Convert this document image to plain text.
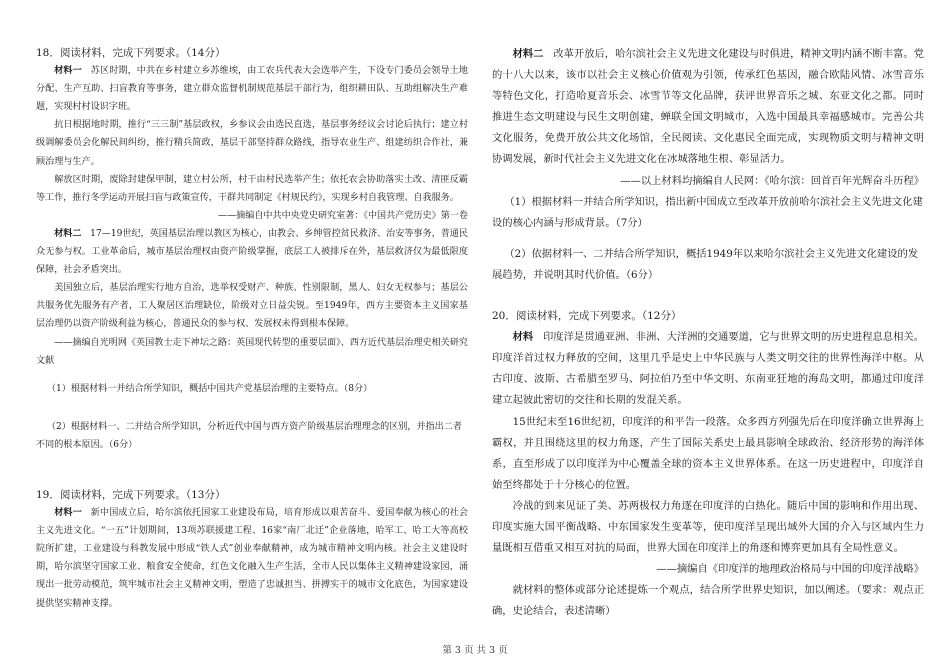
18．阅读材料，完成下列要求。（14分）

材料一 苏区时期，中共在乡村建立乡苏维埃，由工农兵代表大会选举产生，下设专门委员会领导土地分配、生产互助、扫盲教育等事务，建立群众监督机制规范基层干部行为，组织耕田队、互助组解决生产难题，实现村村设识字班。

抗日根据地时期，推行“三三制”基层政权，乡参议会由选民直选，基层事务经议会讨论后执行；建立村级调解委员会化解民间纠纷，推行精兵简政，基层干部坚持群众路线，指导农业生产、组建纺织合作社，兼顾治理与生产。

解放区时期，废除封建保甲制，建立村公所，村干由村民选举产生；依托农会协助落实土改、清匪反霸等工作，推行冬学运动开展扫盲与政策宣传，干群共同制定《村规民约》，实现乡村自我管理、自我服务。

——摘编自中共中央党史研究室著：《中国共产党历史》第一卷

材料二 17—19世纪，英国基层治理以教区为核心，由教会、乡绅管控贫民救济、治安等事务，普通民众无参与权。工业革命后，城市基层治理权由资产阶级掌握，底层工人被排斥在外，基层救济仅为最低限度保障，社会矛盾突出。

美国独立后，基层治理实行地方自治，选举权受财产、种族、性别限制，黑人、妇女无权参与；基层公共服务优先服务有产者，工人聚居区治理缺位，阶级对立日益尖锐。至1949年，西方主要资本主义国家基层治理仍以资产阶级利益为核心，普通民众的参与权、发展权未得到根本保障。

——摘编自光明网《英国教士走下神坛之路：英国现代转型的重要层面》、西方近代基层治理史相关研究文献

（1）根据材料一并结合所学知识，概括中国共产党基层治理的主要特点。（8分）

（2）根据材料一、二并结合所学知识，分析近代中国与西方资产阶级基层治理理念的区别，并指出二者不同的根本原因。（6分）

19．阅读材料，完成下列要求。（13分）

材料一 新中国成立后，哈尔滨依托国家工业建设布局，培育形成以艰苦奋斗、爱国奉献为核心的社会主义先进文化。“一五”计划期间，13项苏联援建工程、16家“南厂北迁”企业落地，哈军工、哈工大等高校院所扩建，工业建设与科教发展中形成“铁人式”创业奉献精神，成为城市精神文明内核。社会主义建设时期，哈尔滨坚守国家工业、粮食安全使命，红色文化融入生产生活，全市人民以集体主义精神建设家园，涌现出一批劳动模范，筑牢城市社会主义精神文明，塑造了忠诚担当、拼搏实干的城市文化底色，为国家建设提供坚实精神支撑。

材料二 改革开放后，哈尔滨社会主义先进文化建设与时俱进，精神文明内涵不断丰富。党的十八大以来，该市以社会主义核心价值观为引领，传承红色基因，融合欧陆风情、冰雪音乐等特色文化，打造哈夏音乐会、冰雪节等文化品牌，获评世界音乐之城、东亚文化之都。同时推进生态文明建设与民生文明创建，蝉联全国文明城市，入选中国最具幸福感城市。完善公共文化服务，免费开放公共文化场馆，全民阅读、文化惠民全面完成，实现物质文明与精神文明协调发展，新时代社会主义先进文化在冰城落地生根、彰显活力。

——以上材料均摘编自人民网：《哈尔滨：回首百年光辉奋斗历程》

（1）根据材料一并结合所学知识，指出新中国成立至改革开放前哈尔滨社会主义先进文化建设的核心内涵与形成背景。（7分）

（2）依据材料一、二并结合所学知识，概括1949年以来哈尔滨社会主义先进文化建设的发展趋势，并说明其时代价值。（6分）

20．阅读材料，完成下列要求。（12分）

材料 印度洋是贯通亚洲、非洲、大洋洲的交通要道，它与世界文明的历史进程息息相关。印度洋首过权力释放的空间，这里几乎是史上中华民族与人类文明交往的世界性海洋中枢。从古印度、波斯、古希腊至罗马、阿拉伯乃至中华文明、东南亚狂地的海岛文明，都通过印度洋建立起彼此密切的交往和长期的发混关系。

15世纪末至16世纪初，印度洋的和平告一段落。众多西方列强先后在印度洋确立世界海上霸权，并且围绕这里的权力角逐，产生了国际关系史上最具影响全球政治、经济形势的海洋体系，直至形成了以印度洋为中心覆盖全球的资本主义世界体系。在这一历史进程中，印度洋自始至终都处于十分核心的位置。

冷战的到来见证了美、苏两极权力角逐在印度洋的白热化。随后中国的影响和作用出现、印度实施大国平衡战略、中东国家发生变革等，使印度洋呈现出域外大国的介入与区域内生力量既相互借重又相互对抗的局面，世界大国在印度洋上的角逐和博弈更加具有全局性意义。

——摘编自《印度洋的地理政治格局与中国的印度洋战略》

就材料的整体或部分论述提炼一个观点，结合所学世界史知识，加以阐述。（要求：观点正确，史论结合，表述清晰）

第 3 页 共 3 页
